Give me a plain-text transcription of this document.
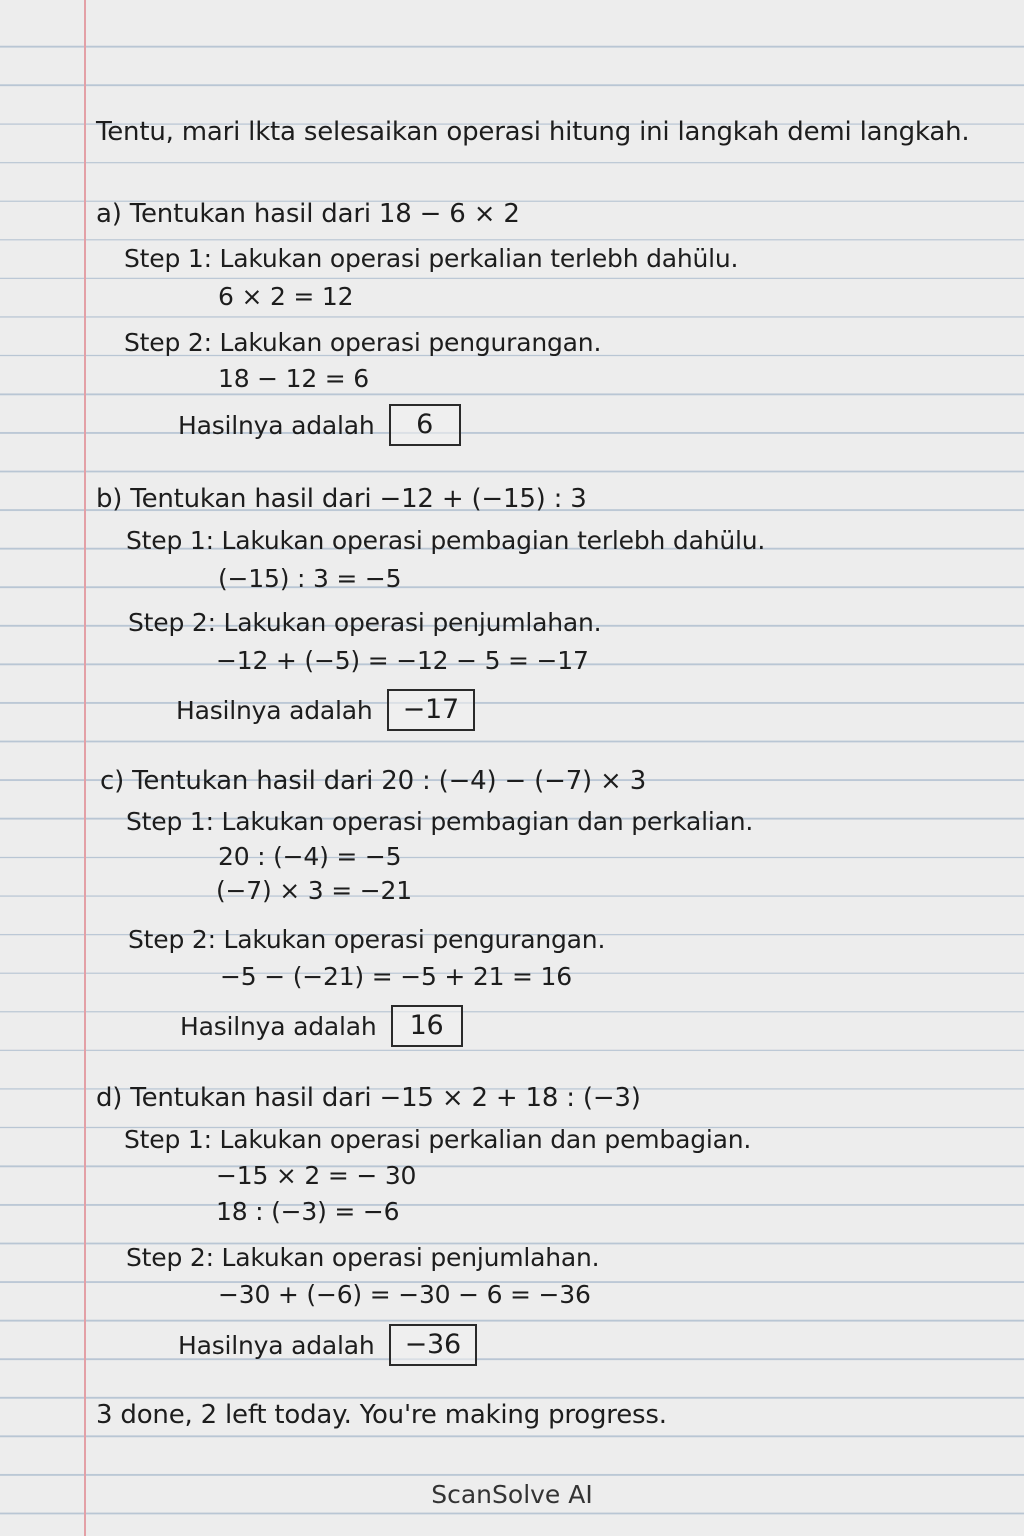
Tentu, mari lkta selesaikan operasi hitung ini langkah demi langkah.
a) Tentukan hasil dari 18 − 6 × 2
Step 1: Lakukan operasi perkalian terlebh dahülu.
6 × 2 = 12
Step 2: Lakukan operasi pengurangan.
18 − 12 = 6
Hasilnya adalah 6
b) Tentukan hasil dari −12 + (−15) : 3
Step 1: Lakukan operasi pembagian terlebh dahülu.
(−15) : 3 = −5
Step 2: Lakukan operasi penjumlahan.
−12 + (−5) = −12 − 5 = −17
Hasilnya adalah −17
c) Tentukan hasil dari 20 : (−4) − (−7) × 3
Step 1: Lakukan operasi pembagian dan perkalian.
20 : (−4) = −5
(−7) × 3 = −21
Step 2: Lakukan operasi pengurangan.
−5 − (−21) = −5 + 21 = 16
Hasilnya adalah 16
d) Tentukan hasil dari −15 × 2 + 18 : (−3)
Step 1: Lakukan operasi perkalian dan pembagian.
−15 × 2 = − 30
18 : (−3) = −6
Step 2: Lakukan operasi penjumlahan.
−30 + (−6) = −30 − 6 = −36
Hasilnya adalah −36
3 done, 2 left today. You're making progress.
ScanSolve AI
